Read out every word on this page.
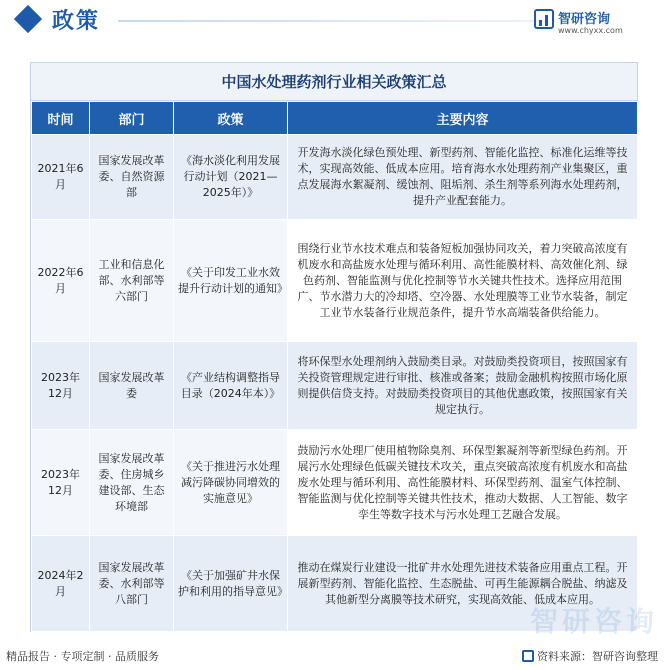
政策	智研咨询
www.chyxx.com
中国水处理药剂行业相关政策汇总
时间	部门	政策	主要内容
2021年6月	国家发展改革委、自然资源部	《海水淡化利用发展行动计划（2021—2025年）》	开发海水淡化绿色预处理、新型药剂、智能化监控、标准化运维等技术，实现高效能、低成本应用。培育海水水处理药剂产业集聚区，重点发展海水絮凝剂、缓蚀剂、阻垢剂、杀生剂等系列海水处理药剂，提升产业配套能力。
2022年6月	工业和信息化部、水利部等六部门	《关于印发工业水效提升行动计划的通知》	围绕行业节水技术难点和装备短板加强协同攻关，着力突破高浓度有机废水和高盐废水处理与循环利用、高性能膜材料、高效催化剂、绿色药剂、智能监测与优化控制等节水关键共性技术。选择应用范围广、节水潜力大的冷却塔、空冷器、水处理膜等工业节水装备，制定工业节水装备行业规范条件，提升节水高端装备供给能力。
2023年12月	国家发展改革委	《产业结构调整指导目录（2024年本）》	将环保型水处理剂纳入鼓励类目录。对鼓励类投资项目，按照国家有关投资管理规定进行审批、核准或备案；鼓励金融机构按照市场化原则提供信贷支持。对鼓励类投资项目的其他优惠政策，按照国家有关规定执行。
2023年12月	国家发展改革委、住房城乡建设部、生态环境部	《关于推进污水处理减污降碳协同增效的实施意见》	鼓励污水处理厂使用植物除臭剂、环保型絮凝剂等新型绿色药剂。开展污水处理绿色低碳关键技术攻关，重点突破高浓度有机废水和高盐废水处理与循环利用、高性能膜材料、环保型药剂、温室气体控制、智能监测与优化控制等关键共性技术，推动大数据、人工智能、数字孪生等数字技术与污水处理工艺融合发展。
2024年2月	国家发展改革委、水利部等八部门	《关于加强矿井水保护和利用的指导意见》	推动在煤炭行业建设一批矿井水处理先进技术装备应用重点工程。开展新型药剂、智能化监控、生态脱盐、可再生能源耦合脱盐、纳滤及其他新型分离膜等技术研究，实现高效能、低成本应用。
精品报告 · 专项定制 · 品质服务	资料来源：智研咨询整理
